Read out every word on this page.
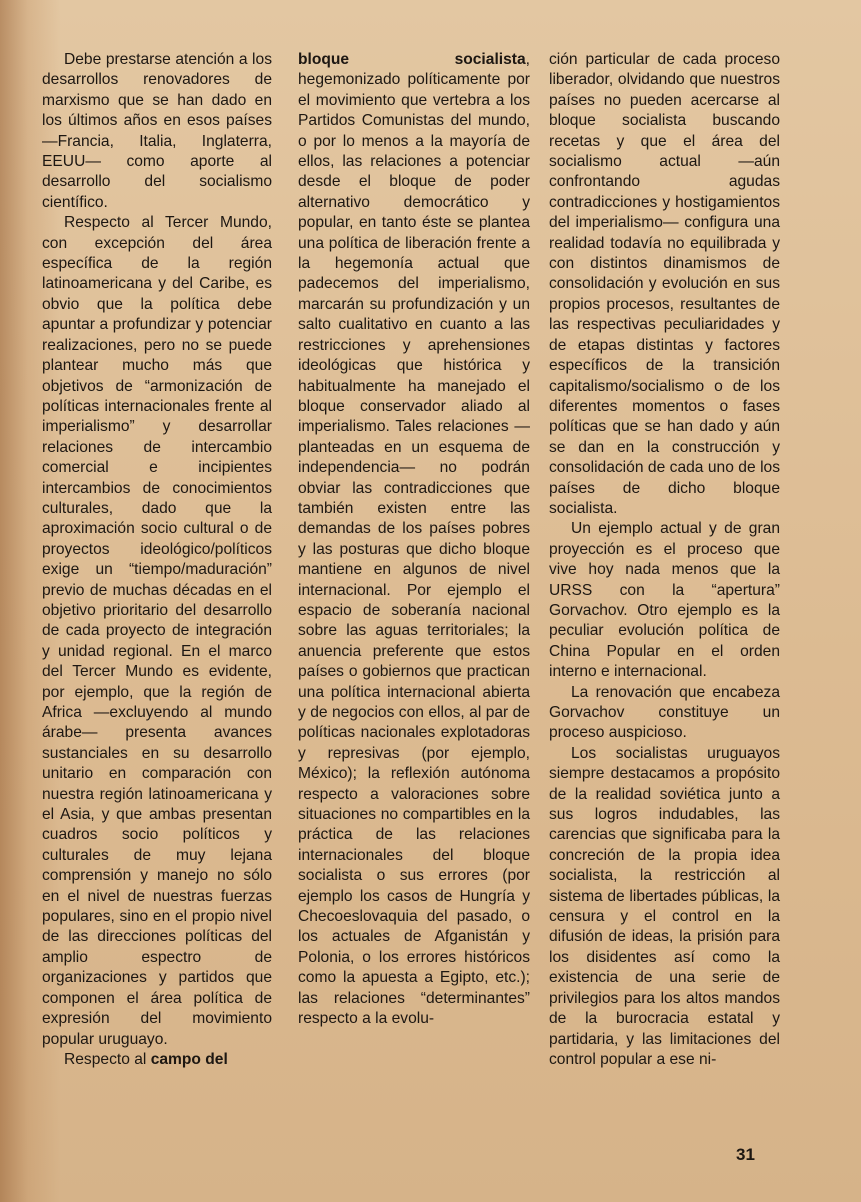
Debe prestarse atención a los desarrollos renovadores de marxismo que se han dado en los últimos años en esos países —Francia, Italia, Inglaterra, EEUU— como aporte al desarrollo del socialismo científico.

Respecto al Tercer Mundo, con excepción del área específica de la región latinoamericana y del Caribe, es obvio que la política debe apuntar a profundizar y potenciar realizaciones, pero no se puede plantear mucho más que objetivos de “armonización de políticas internacionales frente al imperialismo” y desarrollar relaciones de intercambio comercial e incipientes intercambios de conocimientos culturales, dado que la aproximación socio cultural o de proyectos ideológico/políticos exige un “tiempo/maduración” previo de muchas décadas en el objetivo prioritario del desarrollo de cada proyecto de integración y unidad regional. En el marco del Tercer Mundo es evidente, por ejemplo, que la región de Africa —excluyendo al mundo árabe— presenta avances sustanciales en su desarrollo unitario en comparación con nuestra región latinoamericana y el Asia, y que ambas presentan cuadros socio políticos y culturales de muy lejana comprensión y manejo no sólo en el nivel de nuestras fuerzas populares, sino en el propio nivel de las direcciones políticas del amplio espectro de organizaciones y partidos que componen el área política de expresión del movimiento popular uruguayo.

Respecto al campo del

bloque socialista, hegemonizado políticamente por el movimiento que vertebra a los Partidos Comunistas del mundo, o por lo menos a la mayoría de ellos, las relaciones a potenciar desde el bloque de poder alternativo democrático y popular, en tanto éste se plantea una política de liberación frente a la hegemonía actual que padecemos del imperialismo, marcarán su profundización y un salto cualitativo en cuanto a las restricciones y aprehensiones ideológicas que histórica y habitualmente ha manejado el bloque conservador aliado al imperialismo. Tales relaciones —planteadas en un esquema de independencia— no podrán obviar las contradicciones que también existen entre las demandas de los países pobres y las posturas que dicho bloque mantiene en algunos de nivel internacional. Por ejemplo el espacio de soberanía nacional sobre las aguas territoriales; la anuencia preferente que estos países o gobiernos que practican una política internacional abierta y de negocios con ellos, al par de políticas nacionales explotadoras y represivas (por ejemplo, México); la reflexión autónoma respecto a valoraciones sobre situaciones no compartibles en la práctica de las relaciones internacionales del bloque socialista o sus errores (por ejemplo los casos de Hungría y Checoeslovaquia del pasado, o los actuales de Afganistán y Polonia, o los errores históricos como la apuesta a Egipto, etc.); las relaciones “determinantes” respecto a la evolu-

ción particular de cada proceso liberador, olvidando que nuestros países no pueden acercarse al bloque socialista buscando recetas y que el área del socialismo actual —aún confrontando agudas contradicciones y hostigamientos del imperialismo— configura una realidad todavía no equilibrada y con distintos dinamismos de consolidación y evolución en sus propios procesos, resultantes de las respectivas peculiaridades y de etapas distintas y factores específicos de la transición capitalismo/socialismo o de los diferentes momentos o fases políticas que se han dado y aún se dan en la construcción y consolidación de cada uno de los países de dicho bloque socialista.

Un ejemplo actual y de gran proyección es el proceso que vive hoy nada menos que la URSS con la “apertura” Gorvachov. Otro ejemplo es la peculiar evolución política de China Popular en el orden interno e internacional.

La renovación que encabeza Gorvachov constituye un proceso auspicioso.

Los socialistas uruguayos siempre destacamos a propósito de la realidad soviética junto a sus logros indudables, las carencias que significaba para la concreción de la propia idea socialista, la restricción al sistema de libertades públicas, la censura y el control en la difusión de ideas, la prisión para los disidentes así como la existencia de una serie de privilegios para los altos mandos de la burocracia estatal y partidaria, y las limitaciones del control popular a ese ni-

31
